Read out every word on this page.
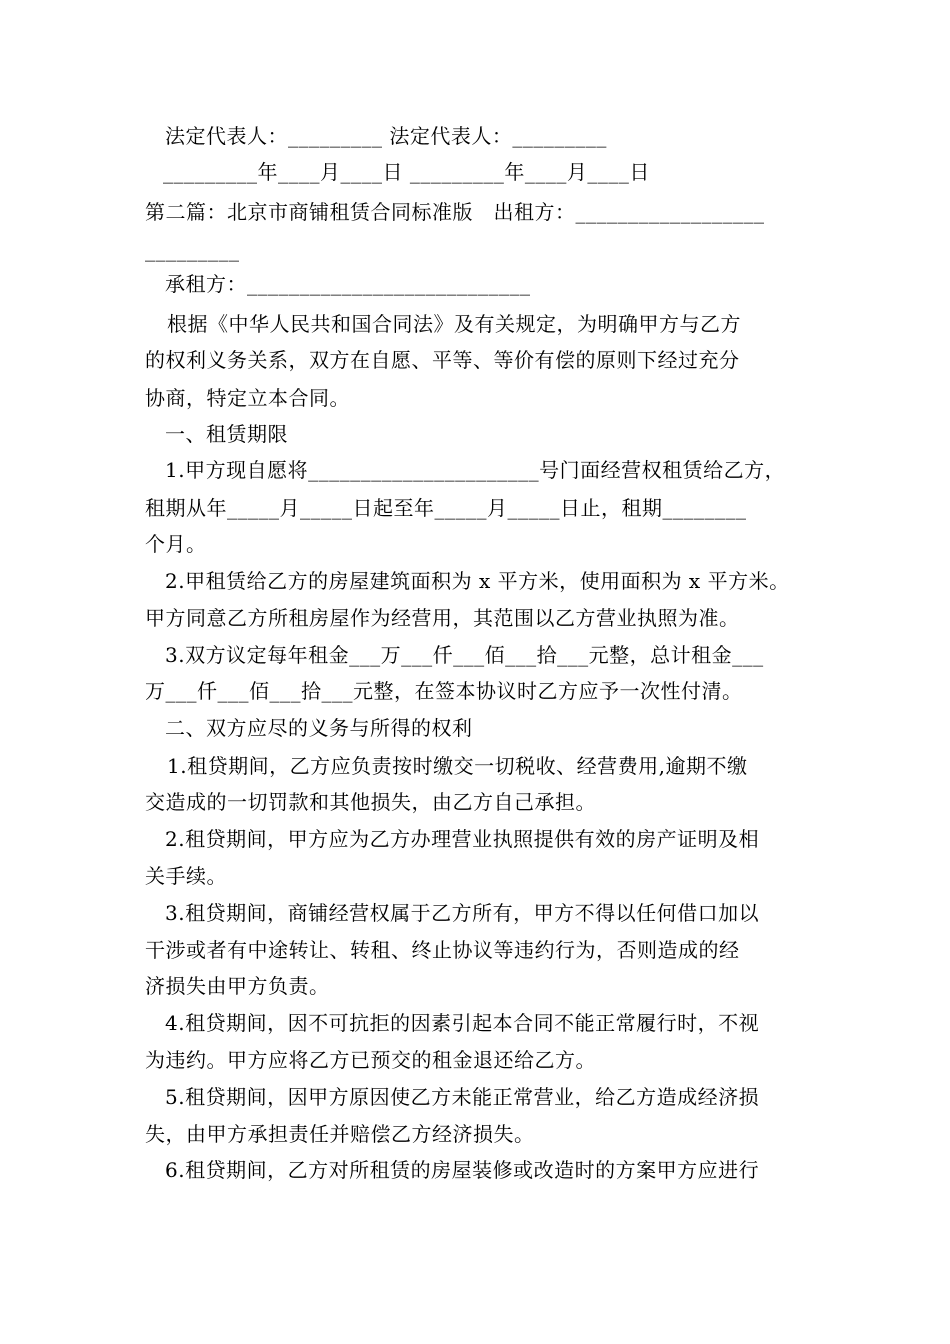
法定代表人：_________ 法定代表人：_________
_________年____月____日 _________年____月____日
第二篇：北京市商铺租赁合同标准版　出租方：__________________
_________
承租方：___________________________
根据《中华人民共和国合同法》及有关规定，为明确甲方与乙方
的权利义务关系，双方在自愿、平等、等价有偿的原则下经过充分
协商，特定立本合同。
一、租赁期限
1.甲方现自愿将______________________号门面经营权租赁给乙方，
租期从年_____月_____日起至年_____月_____日止，租期________
个月。
2.甲租赁给乙方的房屋建筑面积为 x 平方米，使用面积为 x 平方米。
甲方同意乙方所租房屋作为经营用，其范围以乙方营业执照为准。
3.双方议定每年租金___万___仟___佰___拾___元整，总计租金___
万___仟___佰___拾___元整，在签本协议时乙方应予一次性付清。
二、双方应尽的义务与所得的权利
1.租贷期间，乙方应负责按时缴交一切税收、经营费用,逾期不缴
交造成的一切罚款和其他损失，由乙方自己承担。
2.租贷期间，甲方应为乙方办理营业执照提供有效的房产证明及相
关手续。
3.租贷期间，商铺经营权属于乙方所有，甲方不得以任何借口加以
干涉或者有中途转让、转租、终止协议等违约行为，否则造成的经
济损失由甲方负责。
4.租贷期间，因不可抗拒的因素引起本合同不能正常履行时，不视
为违约。甲方应将乙方已预交的租金退还给乙方。
5.租贷期间，因甲方原因使乙方未能正常营业，给乙方造成经济损
失，由甲方承担责任并赔偿乙方经济损失。
6.租贷期间，乙方对所租赁的房屋装修或改造时的方案甲方应进行
